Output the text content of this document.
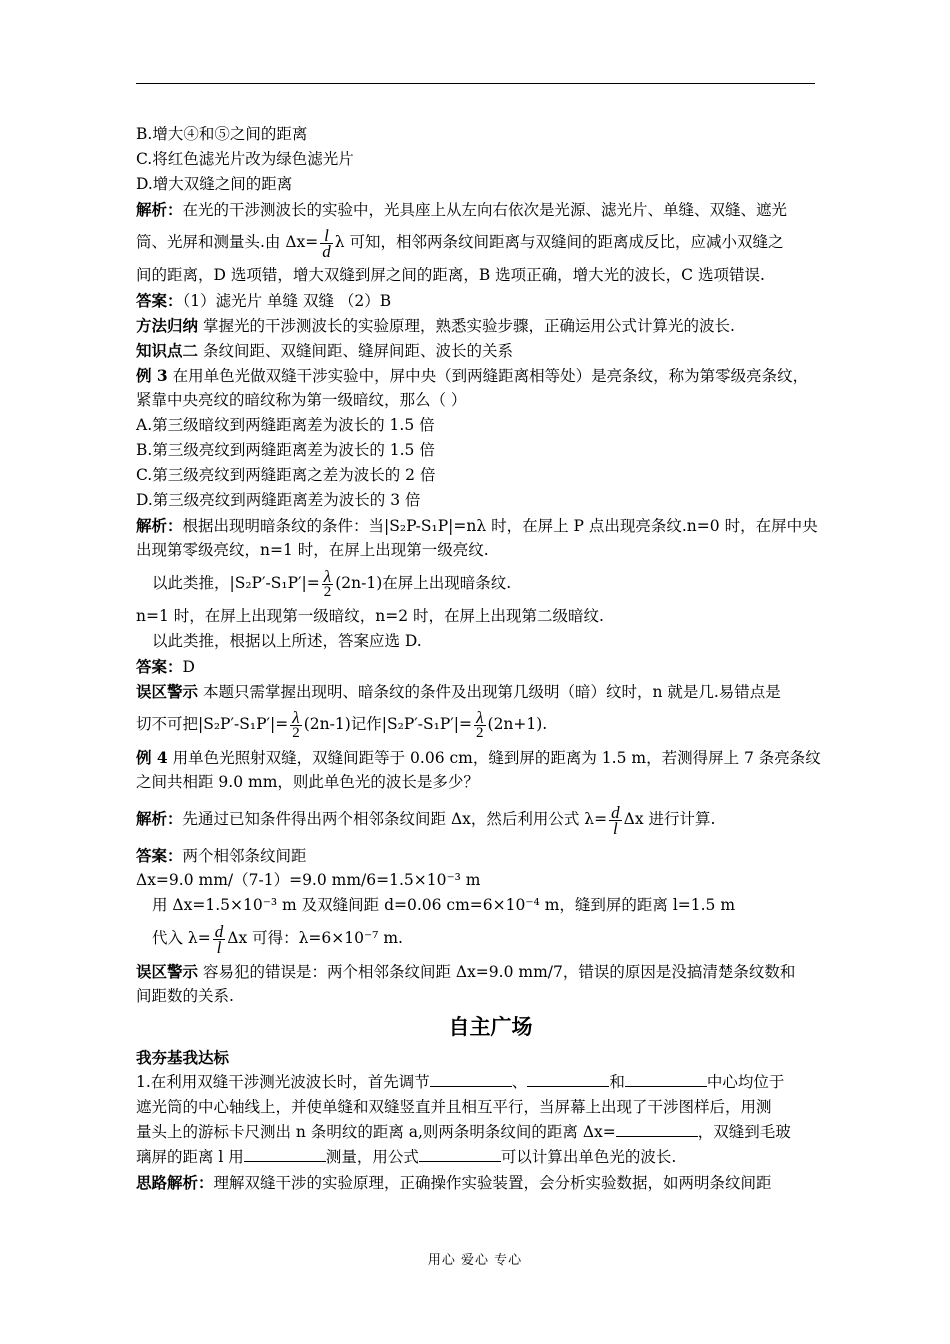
B.增大④和⑤之间的距离
C.将红色滤光片改为绿色滤光片
D.增大双缝之间的距离
解析：在光的干涉测波长的实验中，光具座上从左向右依次是光源、滤光片、单缝、双缝、遮光
筒、光屏和测量头.由 $\Delta x= \frac{l}{d}$ λ 可知，相邻两条纹间距离与双缝间的距离成反比，应减小双缝之
间的距离，D 选项错，增大双缝到屏之间的距离，B 选项正确，增大光的波长，C 选项错误.
答案：（1）滤光片 单缝 双缝 （2）B
方法归纳 掌握光的干涉测波长的实验原理，熟悉实验步骤，正确运用公式计算光的波长.
知识点二 条纹间距、双缝间距、缝屏间距、波长的关系
例 3 在用单色光做双缝干涉实验中，屏中央（到两缝距离相等处）是亮条纹，称为第零级亮条纹，
紧靠中央亮纹的暗纹称为第一级暗纹，那么（ ）
A.第三级暗纹到两缝距离差为波长的 1.5 倍
B.第三级亮纹到两缝距离差为波长的 1.5 倍
C.第三级亮纹到两缝距离之差为波长的 2 倍
D.第三级亮纹到两缝距离差为波长的 3 倍
解析：根据出现明暗条纹的条件：当|S₂P-S₁P|=nλ 时，在屏上 P 点出现亮条纹.n=0 时，在屏中央
出现第零级亮纹，n=1 时，在屏上出现第一级亮纹.
以此类推，$|S_2P'-S_1P'|= \frac{\lambda}{2} (2n-1)$在屏上出现暗条纹.
n=1 时，在屏上出现第一级暗纹，n=2 时，在屏上出现第二级暗纹.
以此类推，根据以上所述，答案应选 D.
答案：D
误区警示 本题只需掌握出现明、暗条纹的条件及出现第几级明（暗）纹时，n 就是几.易错点是
切不可把$|S_2P'-S_1P'|= \frac{\lambda}{2} (2n-1)$记作$|S_2P'-S_1P'|= \frac{\lambda}{2} (2n+1)$.
例 4 用单色光照射双缝，双缝间距等于 0.06 cm，缝到屏的距离为 1.5 m，若测得屏上 7 条亮条纹
之间共相距 9.0 mm，则此单色光的波长是多少？
解析：先通过已知条件得出两个相邻条纹间距 Δx，然后利用公式 $\lambda= \frac{d}{l}$ Δx 进行计算.
答案：两个相邻条纹间距
Δx=9.0 mm/（7-1）=9.0 mm/6=1.5×10⁻³ m
用 Δx=1.5×10⁻³ m 及双缝间距 d=0.06 cm=6×10⁻⁴ m，缝到屏的距离 l=1.5 m
代入 $\lambda= \frac{d}{l}$ Δx 可得：λ=6×10⁻⁷ m.
误区警示 容易犯的错误是：两个相邻条纹间距 Δx=9.0 mm/7，错误的原因是没搞清楚条纹数和
间距数的关系.
自主广场
我夯基我达标
1.在利用双缝干涉测光波波长时，首先调节	、	和	中心均位于
遮光筒的中心轴线上，并使单缝和双缝竖直并且相互平行，当屏幕上出现了干涉图样后，用测
量头上的游标卡尺测出 n 条明纹的距离 a,则两条明条纹间的距离 Δx=	，双缝到毛玻
璃屏的距离 l 用	测量，用公式	可以计算出单色光的波长.
思路解析：理解双缝干涉的实验原理，正确操作实验装置，会分析实验数据，如两明条纹间距
用心 爱心 专心
